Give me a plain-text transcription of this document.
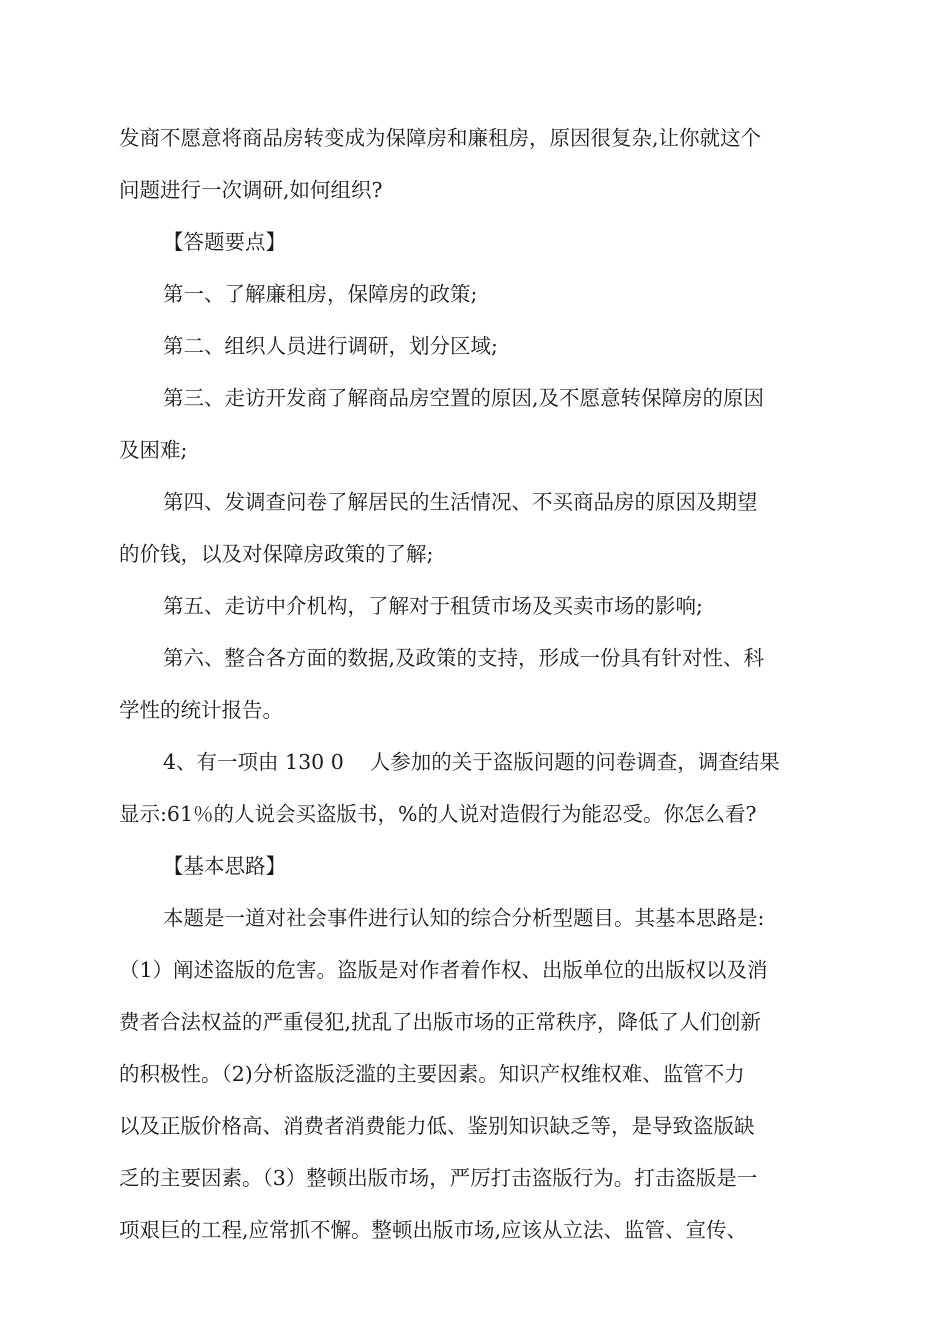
发商不愿意将商品房转变成为保障房和廉租房，原因很复杂,让你就这个
问题进行一次调研,如何组织?
【答题要点】
第一、了解廉租房，保障房的政策;
第二、组织人员进行调研，划分区域;
第三、走访开发商了解商品房空置的原因,及不愿意转保障房的原因
及困难;
第四、发调查问卷了解居民的生活情况、不买商品房的原因及期望
的价钱，以及对保障房政策的了解;
第五、走访中介机构，了解对于租赁市场及买卖市场的影响;
第六、整合各方面的数据,及政策的支持，形成一份具有针对性、科
学性的统计报告。
4、有一项由 130 0    人参加的关于盗版问题的问卷调查，调查结果
显示:61％的人说会买盗版书，%的人说对造假行为能忍受。你怎么看?
【基本思路】
本题是一道对社会事件进行认知的综合分析型题目。其基本思路是:
（1）阐述盗版的危害。盗版是对作者着作权、出版单位的出版权以及消
费者合法权益的严重侵犯,扰乱了出版市场的正常秩序，降低了人们创新
的积极性。（2)分析盗版泛滥的主要因素。知识产权维权难、监管不力
以及正版价格高、消费者消费能力低、鉴别知识缺乏等，是导致盗版缺
乏的主要因素。（3）整顿出版市场，严厉打击盗版行为。打击盗版是一
项艰巨的工程,应常抓不懈。整顿出版市场,应该从立法、监管、宣传、
